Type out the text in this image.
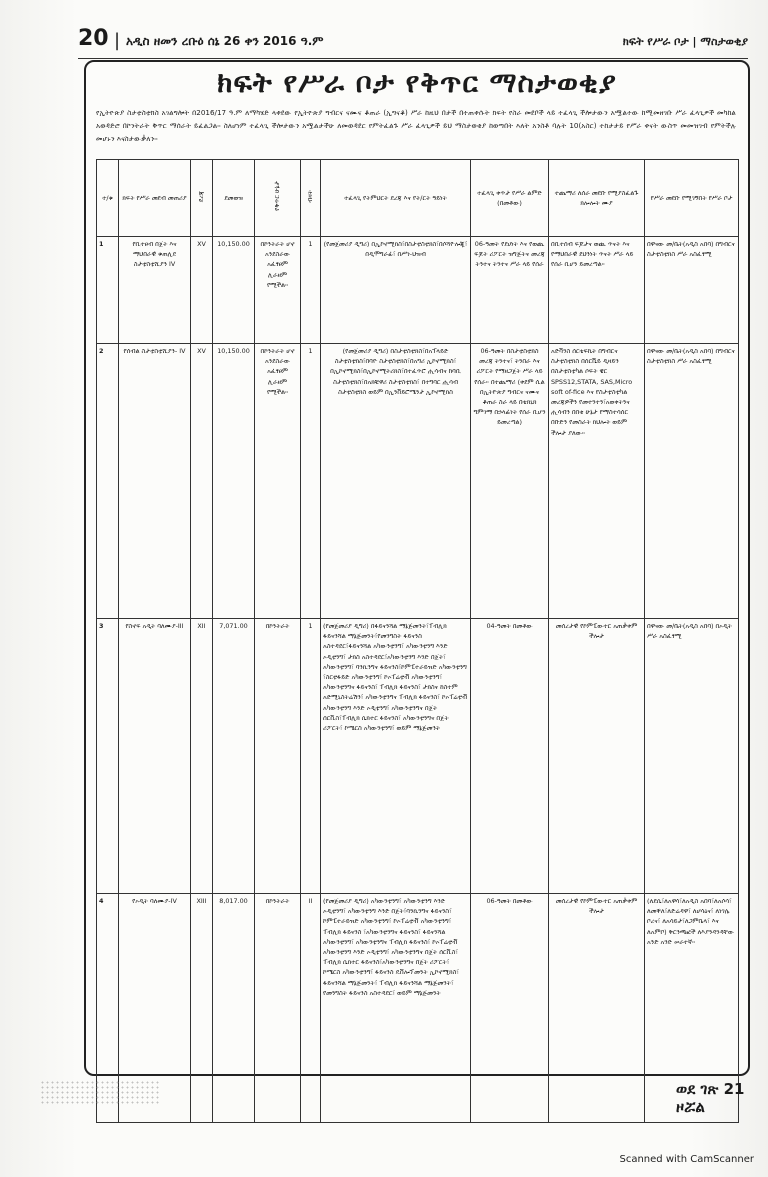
20 | አዲስ ዘመን ረቡዕ ሰኔ 26 ቀን 2016 ዓ.ም	ክፍት የሥራ ቦታ | ማስታወቂያ
ክፍት የሥራ ቦታ የቅጥር ማስታወቂያ
የኢትዮጵያ ስታቲስቲክስ አገልግሎት በ2016/17 ዓ.ም ለማካሄድ ላቀደው የኢትዮጵያ ግብርና ናሙና ቆጠራ (ኢግናቆ) ሥራ ከዚህ በታች በተጠቀሱት ክፍት የስራ መደቦች ላይ ተፈላጊ ችሎታውን አሟልተው ከሚመዘገቡ ሥራ ፈላጊዎች መካከል አወዳድሮ በኮንትራት ቅጥር ማሰራት ይፈልጋል፡፡ ስለሆነም ተፈላጊ ችሎታውን አሟልታችሁ ለመወዳደር የምትፈልጉ ሥራ ፈላጊዎች ይህ ማስታወቂያ ከወጣበት እለት አንስቶ ባሉት 10(አስር) ተከታታይ የሥራ ቀናት ውስጥ መመዝገብ የምትችሉ መሆኑን እናስታውቃለን፡፡
ተ/ቁ	ክፍት የሥራ መደብ መጠሪያ	ደረጃ	ደመወዝ	የቅጥር ሁኔታ	ብዛት	ተፈላጊ የትምህርት ደረጃ እና የት/ርት ዓይነት	ተፈላጊ ቀጥታ የሥራ ልምድ (በመቶው)	ተጨማሪ ለሰራ መደቡ የሚያስፈልጉ ክሎሎት ሙያ	የሥራ መደቡ የሚገኝበት የሥራ ቦታ
1	የቢተፀብ በጀት እና ማህበራዊ ቁጠሊደ ስታቲስቲሺያን IV	XV	10,150.00	በኮንትራት ሆኖ አንደስራው አፈፃፀም ሊራዘም የሚችል፡፡	1	(የመጀመሪያ ዲግሪ) በኢኮኖሚክስ፣በስታቲስቲክስ፣በሶሻዮሎጂ፣ በዲሞግራፊ፣ በሥነ-ህዝብ	06-ዓመት የደሀነት እና የወጪ ፍጆት ሪፖርት ዝግጅትና መረጃ ትንተና ትንተና ሥራ ላይ የሰራ	በቢተሰብ ፍጆታና ወጪ ጥናት እና የማህበራዊ ደህንነት ጥናት ሥራ ላይ የሰራ ቢሆን ይመረጣል፡፡	በዋናው መ/ቤት(አዲስ አበባ) በግብርና ስታቲስቲክስ ሥራ አስፈፃሚ
2	የሰብል ስታቲስቲሺያን- IV	XV	10,150.00	በኮንትራት ሆኖ አንደስራው አፈፃፀም ሊራዘም የሚችል፡፡	1	(የመጀመሪያ ዲግሪ) በስታቲስቲክስ፣በአፕላይድ ስታቲስቲክስ፣በባዮ ስታቲስቲክስ፣በአግሪ ኢኮኖሚክስ፣ በኢኮኖሚክስ፣በኢኮኖሚትሪክስ፣በተፈጥሮ ሒሳብና ከባቢ ስታቲስቲክስ፣በአክቹዋሪ ስታቲስቲክስ፣ በተግባር ሒሳብ ስታቲስቲክስ ወይም በኢንቨይሮሜንታ ኢኮኖሚክስ	06-ዓመት በስታቲስቲክስ መረጃ ትንተና፣ ትንበራ እና ሪፖርት የማዘጋጀት ሥራ ላይ የሰራ፡፡ በተጨማሪ (ቀደም ሲል በኢትዮጵያ ግብርና ናሙና ቆጠራ ስራ ላይ በቴክኒክ ግምገማ በኃላፊነት የሰራ ቢሆን ይመረጣል)	አድቫንስ ሰርቴፍኬት በግብርና ስታቲስቲክስ በሰርቬይ ዲዛይን በስታቲስቲካል ሶፍት ዌር SPSS12,STATA, SAS,Micro soft of-fice እና የስታቲስቲካል መረጃዎችን የመተንተን፣አወቀትንና ሒሳብን በበቂ ሁኔታ የማስተሳሰር በቡድን የመስራት ክህሎት ወይም ችሎታ ያለው፡፡	በዋናው መ/ቤት(አዲስ አበባ) በግብርና ስታቲስቲክስ ሥራ አስፈፃሚ
3	የስኖፍ አዲት ባለሙያ-III	XII	7,071.00	በኮንትራት	1	(የመጀመሪያ ዲግሪ) በፋይናንሻል ማኔጅመንት፣ፐብሊክ ፋይናንሻል ማኔጅመንት፣የመንግስት ፋይናንስ አስተዳደር፣ፋይናንሻል አካውንቲንግ፣ አካውንቲንግ እንድ ኦዲቲንግ፣ ታክስ አስተዳደር፣አካውንቲንግ እንድ በጀት፣ አካውንቲንግ፣ ባንኪንግና ፋይናንስ፣ኮምፒተራይዝድ አካውንቲንግ ፣ስርቲፋይድ አካውንቲንግ፣ ኮኦፐሬቲቭ አካውንቲንግ፣ አካውንቲንግና ፋይናንስ፣ ፐብሊክ ፋይናንስ፣ ታክስና ከስተም አድሚኒስትሬሽን፣ አካውንቲንግና ፐብሊክ ፋይናንስ፣ ኮኦፐሬቲቭ አካውንቲንግ እንድ ኦዲቲንግ፣ አካውንቲንግና በጀት ሰርቪስ፣ፐብሊክ ሴክተር ፋይናንስ፣ አካውንቲንግና በጀት ሪፖርት፣ ኮሜርስ አካውንቲንግ፣ ወይም ማኔጅመንት	04-ዓመት በመቶው	መሰረታዊ የኮምፒውተር አጠቃቀም ችሎታ	በዋናው መ/ቤት(አዲስ አበባ) በኦዲት ሥራ አስፈፃሚ
4	የኦዲት ባለሙያ-IV	XIII	8,017.00	በኮንትራት	II	(የመጀመሪያ ዲግሪ) አካውንቲንግ፣ አካውንቲንግ እንድ ኦዲቲንግ፣ አካውንቲንግ እንድ በጀት፣ባንኪንግና ፋይናንስ፣ ኮምፒተራይዝድ አካውንቲንግ፣ ኮኦፐሬቲቭ አካውንቲንግ፣ ፐብሊክ ፋይናንስ ፣አካውንቲንግና ፋይናንስ፣ ፋይናንሻል አካውንቲንግ፣ አካውንቲንግና ፐብሊክ ፋይናንስ፣ ኮኦፐሬቲቭ አካውንቲንግ እንድ ኦዲቲንግ፣ አካውንቲንግና በጀት ሰርቪስ፣ ፐብሊክ ሴክተር ፋይናንስ፣አካውንቲንግና በጀት ሪፖርት፣ ኮሜርስ አካውንቲንግ፣ ፋይናንስ ዴቨሎፕመንት ኢኮኖሚክስ፣ ፋይናንሻል ማኔጅመንት፣ ፐብሊክ ፋይናንሻል ማኔጅመንት፣ የመንግስት ፋይናንስ አስተዳደር፣ ወይም ማኔጅመንት	06-ዓመት በመቶው	መሰረታዊ የኮምፒውተር አጠቃቀም ችሎታ	(ለደሴ፣ለአዋሳ፣ለአዲስ አበባ፣ለአሶሳ፣ ለመቐለ፣ለድሬዳዋ፣ ለሆሳዕና፣ ለነገሌ ቦረና፣ ለአሳይታ፣ለጋምቤላ፣ እና ለአምቦ) ቅርንጫፎች ለእያንዳንዳቸው አንድ አንድ ሠራተኛ፡፡
ወደ ገጽ 21 ዞሯል
Scanned with CamScanner
